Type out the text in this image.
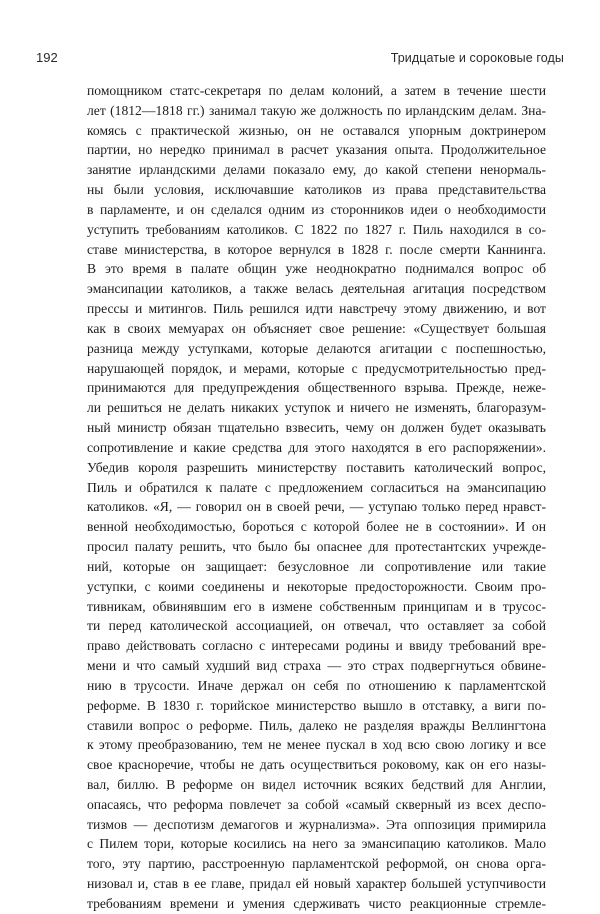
192	Тридцатые и сороковые годы
помощником статс-секретаря по делам колоний, а затем в течение шести
лет (1812—1818 гг.) занимал такую же должность по ирландским делам. Зна-
комясь с практической жизнью, он не оставался упорным доктринером
партии, но нередко принимал в расчет указания опыта. Продолжительное
занятие ирландскими делами показало ему, до какой степени ненормаль-
ны были условия, исключавшие католиков из права представительства
в парламенте, и он сделался одним из сторонников идеи о необходимости
уступить требованиям католиков. С 1822 по 1827 г. Пиль находился в со-
ставе министерства, в которое вернулся в 1828 г. после смерти Каннинга.
В это время в палате общин уже неоднократно поднимался вопрос об
эмансипации католиков, а также велась деятельная агитация посредством
прессы и митингов. Пиль решился идти навстречу этому движению, и вот
как в своих мемуарах он объясняет свое решение: «Существует большая
разница между уступками, которые делаются агитации с поспешностью,
нарушающей порядок, и мерами, которые с предусмотрительностью пред-
принимаются для предупреждения общественного взрыва. Прежде, неже-
ли решиться не делать никаких уступок и ничего не изменять, благоразум-
ный министр обязан тщательно взвесить, чему он должен будет оказывать
сопротивление и какие средства для этого находятся в его распоряжении».
Убедив короля разрешить министерству поставить католический вопрос,
Пиль и обратился к палате с предложением согласиться на эмансипацию
католиков. «Я, — говорил он в своей речи, — уступаю только перед нравст-
венной необходимостью, бороться с которой более не в состоянии». И он
просил палату решить, что было бы опаснее для протестантских учрежде-
ний, которые он защищает: безусловное ли сопротивление или такие
уступки, с коими соединены и некоторые предосторожности. Своим про-
тивникам, обвинявшим его в измене собственным принципам и в трусос-
ти перед католической ассоциацией, он отвечал, что оставляет за собой
право действовать согласно с интересами родины и ввиду требований вре-
мени и что самый худший вид страха — это страх подвергнуться обвине-
нию в трусости. Иначе держал он себя по отношению к парламентской
реформе. В 1830 г. торийское министерство вышло в отставку, а виги по-
ставили вопрос о реформе. Пиль, далеко не разделяя вражды Веллингтона
к этому преобразованию, тем не менее пускал в ход всю свою логику и все
свое красноречие, чтобы не дать осуществиться роковому, как он его назы-
вал, биллю. В реформе он видел источник всяких бедствий для Англии,
опасаясь, что реформа повлечет за собой «самый скверный из всех деспо-
тизмов — деспотизм демагогов и журнализма». Эта оппозиция примирила
с Пилем тори, которые косились на него за эмансипацию католиков. Мало
того, эту партию, расстроенную парламентской реформой, он снова орга-
низовал и, став в ее главе, придал ей новый характер большей уступчивости
требованиям времени и умения сдерживать чисто реакционные стремле-
